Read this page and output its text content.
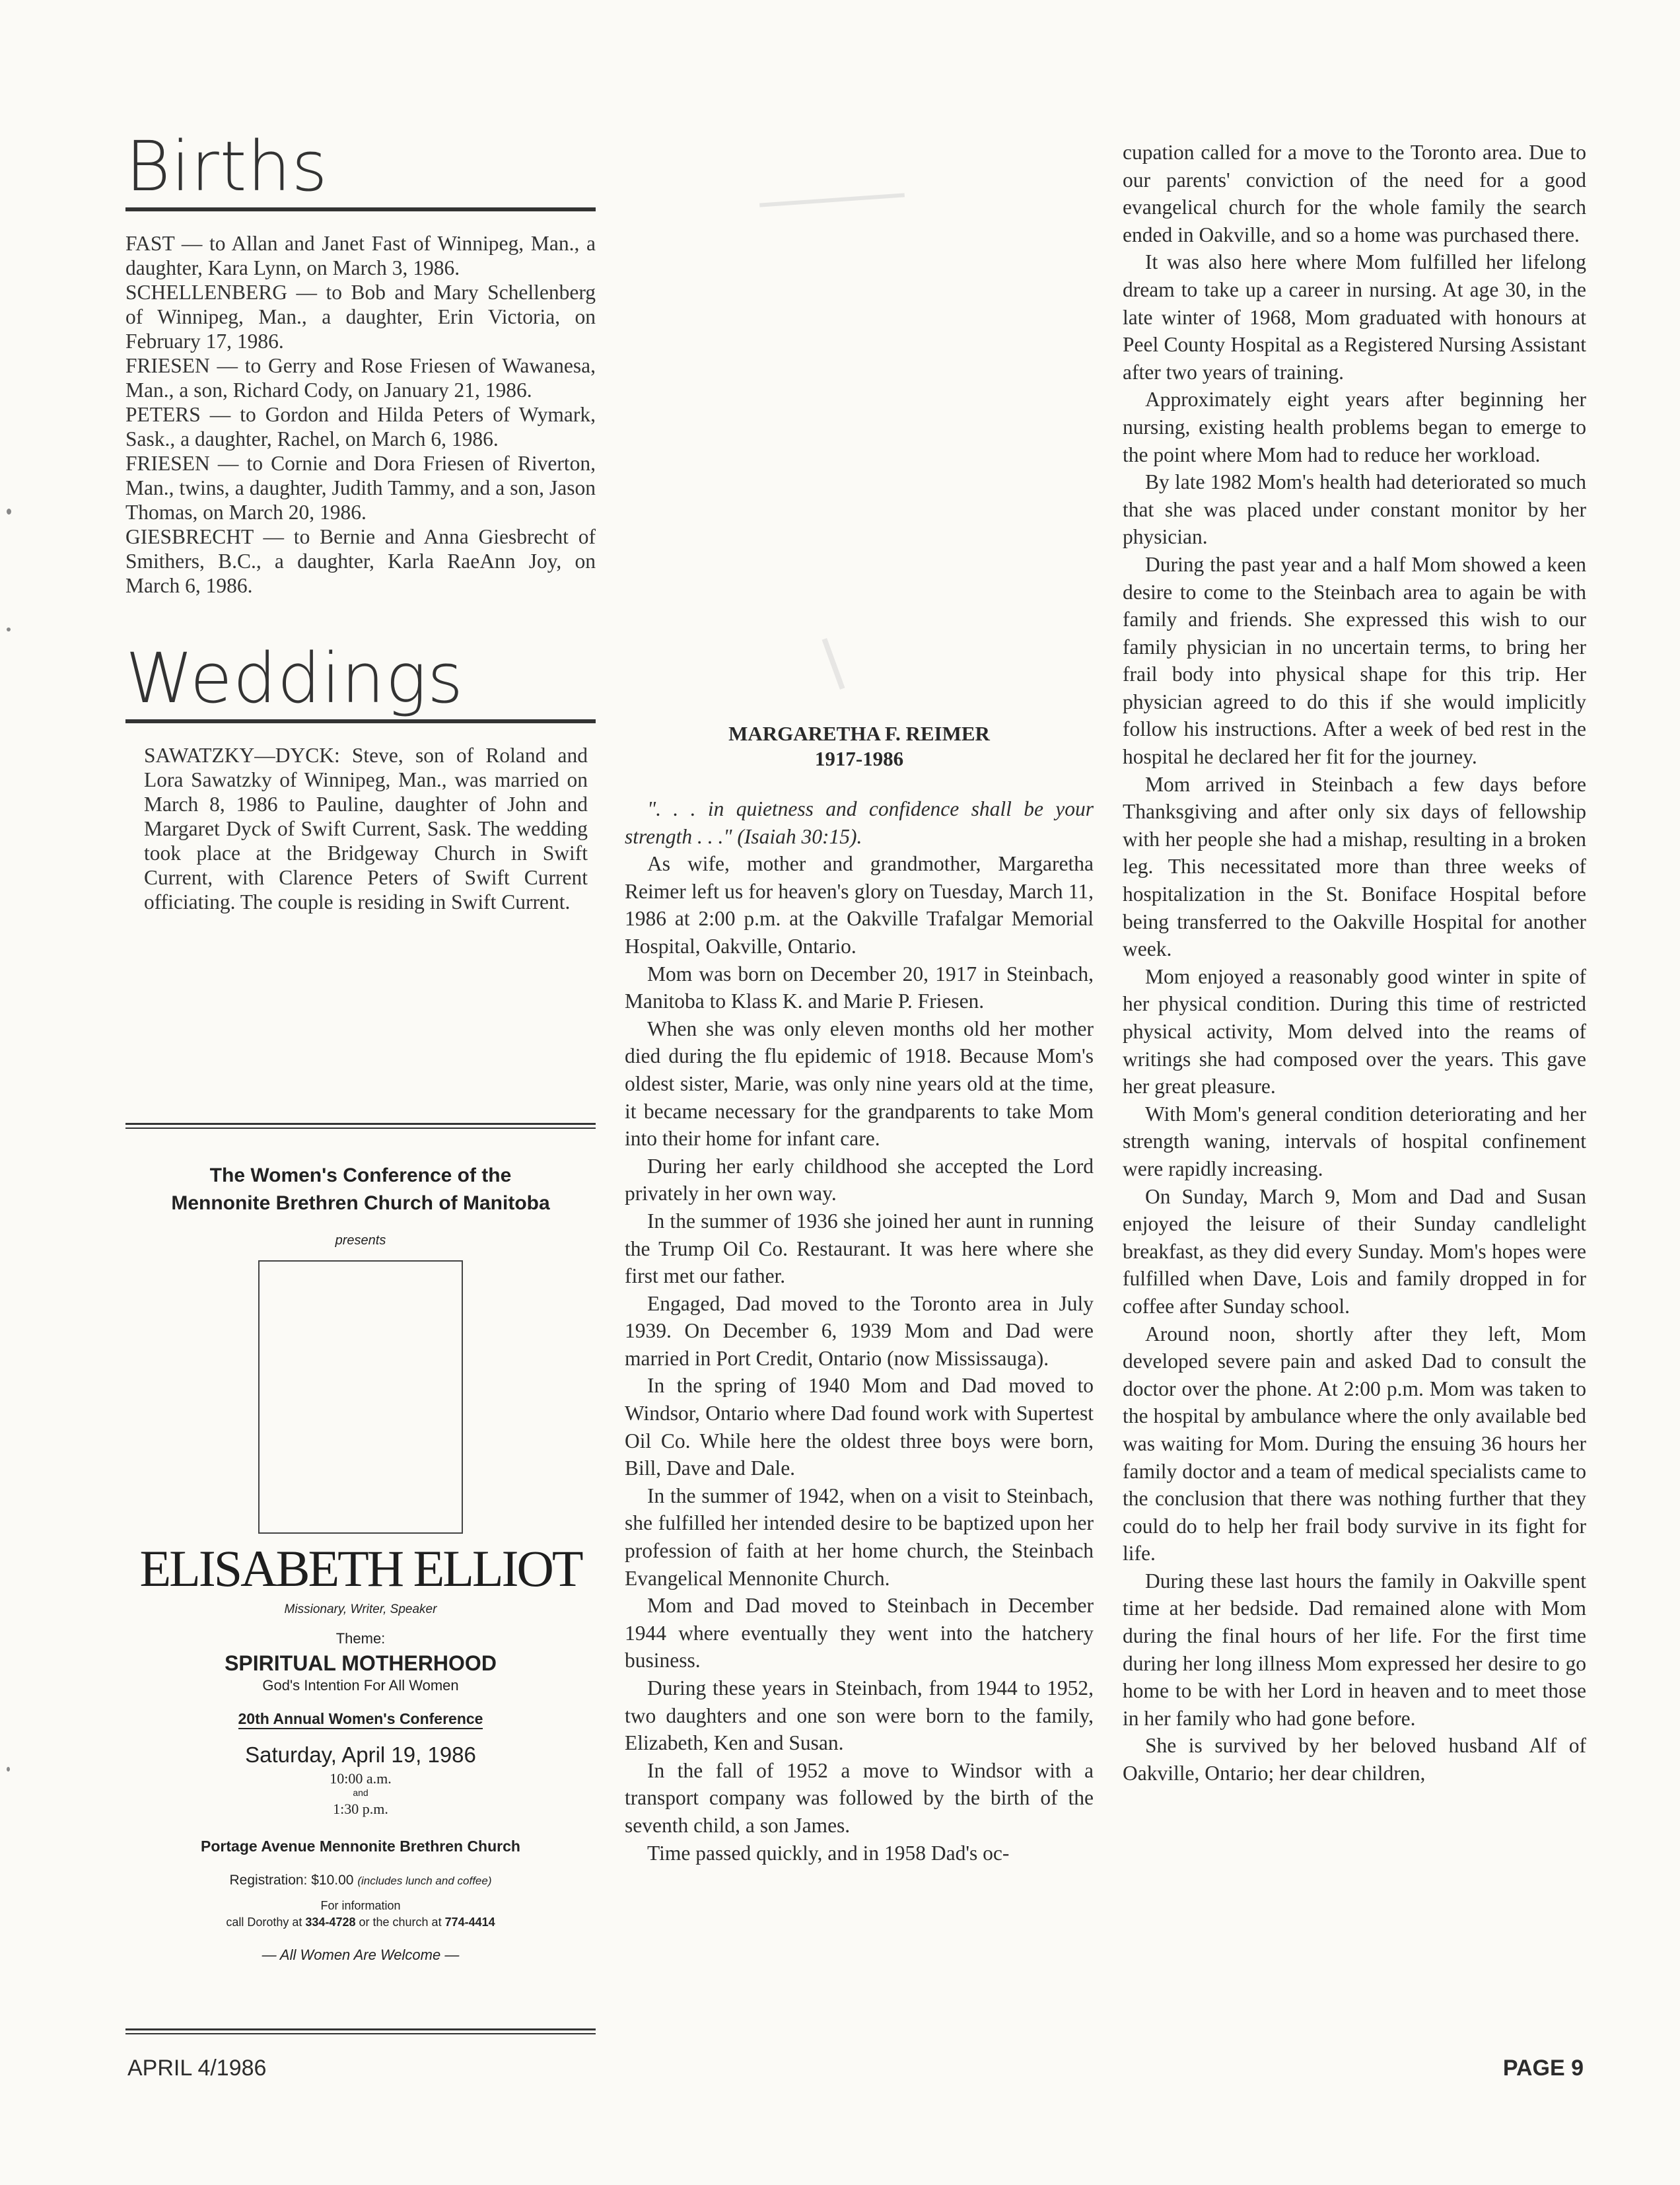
Births

FAST — to Allan and Janet Fast of Winnipeg, Man., a daughter, Kara Lynn, on March 3, 1986.

SCHELLENBERG — to Bob and Mary Schellenberg of Winnipeg, Man., a daughter, Erin Victoria, on February 17, 1986.

FRIESEN — to Gerry and Rose Friesen of Wawanesa, Man., a son, Richard Cody, on January 21, 1986.

PETERS — to Gordon and Hilda Peters of Wymark, Sask., a daughter, Rachel, on March 6, 1986.

FRIESEN — to Cornie and Dora Friesen of Riverton, Man., twins, a daughter, Judith Tammy, and a son, Jason Thomas, on March 20, 1986.

GIESBRECHT — to Bernie and Anna Giesbrecht of Smithers, B.C., a daughter, Karla RaeAnn Joy, on March 6, 1986.

Weddings

SAWATZKY—DYCK: Steve, son of Roland and Lora Sawatzky of Winnipeg, Man., was married on March 8, 1986 to Pauline, daughter of John and Margaret Dyck of Swift Current, Sask. The wedding took place at the Bridgeway Church in Swift Current, with Clarence Peters of Swift Current officiating. The couple is residing in Swift Current.

The Women's Conference of the
Mennonite Brethren Church of Manitoba
presents
ELISABETH ELLIOT
Missionary, Writer, Speaker
Theme:
SPIRITUAL MOTHERHOOD
God's Intention For All Women
20th Annual Women's Conference
Saturday, April 19, 1986
10:00 a.m.
and
1:30 p.m.
Portage Avenue Mennonite Brethren Church
Registration: $10.00 (includes lunch and coffee)
For information
call Dorothy at 334-4728 or the church at 774-4414
— All Women Are Welcome —
MARGARETHA F. REIMER
1917-1986

". . . in quietness and confidence shall be your strength . . ." (Isaiah 30:15).

As wife, mother and grandmother, Margaretha Reimer left us for heaven's glory on Tuesday, March 11, 1986 at 2:00 p.m. at the Oakville Trafalgar Memorial Hospital, Oakville, Ontario.

Mom was born on December 20, 1917 in Steinbach, Manitoba to Klass K. and Marie P. Friesen.

When she was only eleven months old her mother died during the flu epidemic of 1918. Because Mom's oldest sister, Marie, was only nine years old at the time, it became necessary for the grandparents to take Mom into their home for infant care.

During her early childhood she accepted the Lord privately in her own way.

In the summer of 1936 she joined her aunt in running the Trump Oil Co. Restaurant. It was here where she first met our father.

Engaged, Dad moved to the Toronto area in July 1939. On December 6, 1939 Mom and Dad were married in Port Credit, Ontario (now Mississauga).

In the spring of 1940 Mom and Dad moved to Windsor, Ontario where Dad found work with Supertest Oil Co. While here the oldest three boys were born, Bill, Dave and Dale.

In the summer of 1942, when on a visit to Steinbach, she fulfilled her intended desire to be baptized upon her profession of faith at her home church, the Steinbach Evangelical Mennonite Church.

Mom and Dad moved to Steinbach in December 1944 where eventually they went into the hatchery business.

During these years in Steinbach, from 1944 to 1952, two daughters and one son were born to the family, Elizabeth, Ken and Susan.

In the fall of 1952 a move to Windsor with a transport company was followed by the birth of the seventh child, a son James.

Time passed quickly, and in 1958 Dad's oc-

cupation called for a move to the Toronto area. Due to our parents' conviction of the need for a good evangelical church for the whole family the search ended in Oakville, and so a home was purchased there.

It was also here where Mom fulfilled her lifelong dream to take up a career in nursing. At age 30, in the late winter of 1968, Mom graduated with honours at Peel County Hospital as a Registered Nursing Assistant after two years of training.

Approximately eight years after beginning her nursing, existing health problems began to emerge to the point where Mom had to reduce her workload.

By late 1982 Mom's health had deteriorated so much that she was placed under constant monitor by her physician.

During the past year and a half Mom showed a keen desire to come to the Steinbach area to again be with family and friends. She expressed this wish to our family physician in no uncertain terms, to bring her frail body into physical shape for this trip. Her physician agreed to do this if she would implicitly follow his instructions. After a week of bed rest in the hospital he declared her fit for the journey.

Mom arrived in Steinbach a few days before Thanksgiving and after only six days of fellowship with her people she had a mishap, resulting in a broken leg. This necessitated more than three weeks of hospitalization in the St. Boniface Hospital before being transferred to the Oakville Hospital for another week.

Mom enjoyed a reasonably good winter in spite of her physical condition. During this time of restricted physical activity, Mom delved into the reams of writings she had composed over the years. This gave her great pleasure.

With Mom's general condition deteriorating and her strength waning, intervals of hospital confinement were rapidly increasing.

On Sunday, March 9, Mom and Dad and Susan enjoyed the leisure of their Sunday candlelight breakfast, as they did every Sunday. Mom's hopes were fulfilled when Dave, Lois and family dropped in for coffee after Sunday school.

Around noon, shortly after they left, Mom developed severe pain and asked Dad to consult the doctor over the phone. At 2:00 p.m. Mom was taken to the hospital by ambulance where the only available bed was waiting for Mom. During the ensuing 36 hours her family doctor and a team of medical specialists came to the conclusion that there was nothing further that they could do to help her frail body survive in its fight for life.

During these last hours the family in Oakville spent time at her bedside. Dad remained alone with Mom during the final hours of her life. For the first time during her long illness Mom expressed her desire to go home to be with her Lord in heaven and to meet those in her family who had gone before.

She is survived by her beloved husband Alf of Oakville, Ontario; her dear children,

APRIL 4/1986	PAGE 9
